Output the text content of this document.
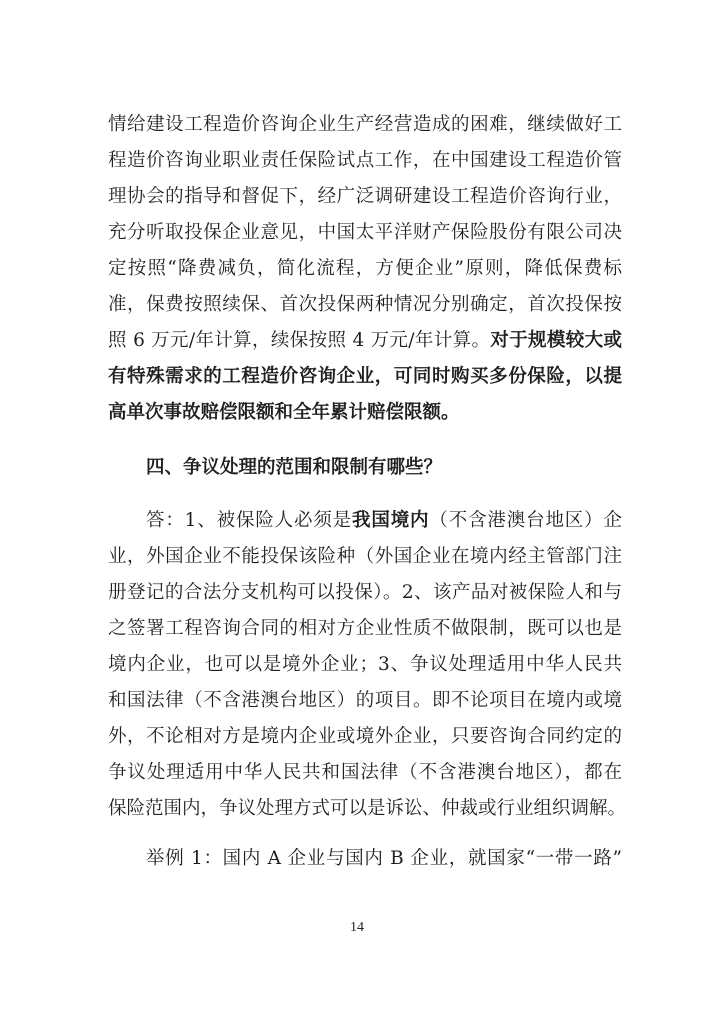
情给建设工程造价咨询企业生产经营造成的困难，继续做好工
程造价咨询业职业责任保险试点工作，在中国建设工程造价管
理协会的指导和督促下，经广泛调研建设工程造价咨询行业，
充分听取投保企业意见，中国太平洋财产保险股份有限公司决
定按照“降费减负，简化流程，方便企业”原则，降低保费标
准，保费按照续保、首次投保两种情况分别确定，首次投保按
照 6 万元/年计算，续保按照 4 万元/年计算。对于规模较大或
有特殊需求的工程造价咨询企业，可同时购买多份保险，以提
高单次事故赔偿限额和全年累计赔偿限额。
四、争议处理的范围和限制有哪些？
答：1、被保险人必须是我国境内（不含港澳台地区）企
业，外国企业不能投保该险种（外国企业在境内经主管部门注
册登记的合法分支机构可以投保）。2、该产品对被保险人和与
之签署工程咨询合同的相对方企业性质不做限制，既可以也是
境内企业，也可以是境外企业；3、争议处理适用中华人民共
和国法律（不含港澳台地区）的项目。即不论项目在境内或境
外，不论相对方是境内企业或境外企业，只要咨询合同约定的
争议处理适用中华人民共和国法律（不含港澳台地区），都在
保险范围内，争议处理方式可以是诉讼、仲裁或行业组织调解。
举例 1：国内 A 企业与国内 B 企业，就国家“一带一路”
14
